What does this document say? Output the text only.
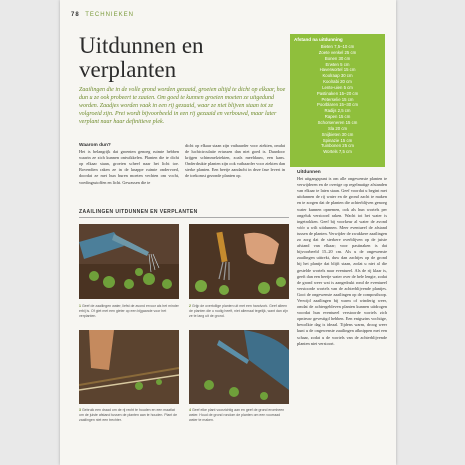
78 TECHNIEKEN
Uitdunnen en verplanten
Zaailingen die in de volle grond worden gezaaid, groeien altijd te dicht op elkaar, hoe dun u ze ook probeert te zaaien. Om goed te kunnen groeien moeten ze uitgedund worden. Zaadjes worden vaak in een rij gezaaid, waar ze niet blijven staan tot ze volgroeid zijn. Prei wordt bijvoorbeeld in een rij gezaaid en verbouwd, maar later verplant naar haar definitieve plek.
Afstand na uitdunning
Bieten 7,5–10 cm
Zoete venkel 25 cm
Bonen 30 cm
Erwten 5 cm
Haverwortel 15 cm
Koolraap 30 cm
Koolrabi 20 cm
Lente-uien 5 cm
Pastinaken 15–20 cm
Peterselie 15 cm
Poorblaren 15–30 cm
Radijs 2,5 cm
Rapen 15 cm
Schorseneren 15 cm
Sla 20 cm
Snijbieten 30 cm
Spinazie 15 cm
Tuinbonen 25 cm
Wortels 7,5 cm
Waarom dun?
Het is belangrijk dat groenten genoeg ruimte hebben waarin ze zich kunnen ontwikkelen. Planten die te dicht op elkaar staan, groeien scheef naar het licht toe. Bovendien raken ze in de knappe ruimte ondervoed, doordat ze met hun buren moeten vechten om vocht, voedingsstoffen en licht. Gewassen die te
dicht op elkaar staan zijn vatbaarder voor ziekten, omdat de luchtcirculatie ertussen dan niet goed is. Daardoor krijgen schimmelziekten, zoals meeldauw, een kans. Onderdrukte planten zijn ook vatbaarder voor ziekten dan sterke planten. Een beetje aandacht in deze fase levert in de toekomst gezonde planten op.
ZAAILINGEN UITDUNNEN EN VERPLANTEN
1 Geef de zaailingen water, liefst de avond ervoor als het minder erbij is. Of giet met een gieter op een bijgaande voor het verplanten.
2 Grijp de overtollige planten uit met een handvork. Geef alleen de planten die u nodig heeft, niet allemaal tegelijk, want dan zijn ze te lang uit de grond.
3 Gebruik een draad om de rij recht te houden en een maatlat om de juiste afstand tussen de planten aan te houden. Plant de zaailingen niet een trechter.
4 Geef elke plant voorzichtig aan en geef de grond eromheen water. Houd de grond rondom de planten om een voorraad water te maken.
Uitdunnen
Het uitgangspunt is om alle ongewenste planten te verwijderen en de overige op regelmatige afstanden van elkaar te laten staan. Geef voordat u begint met uitdunnen de rij water en de grond zacht te maken en te zorgen dat de planten die achterblijven genoeg water kunnen opnemen, ook als hun wortels per ongeluk verstoord raken. Wacht tot het water is ingetrokken. Geef bij voorkeur al water de avond vóór u wilt uitdunnen. Meer eventueel de afstand tussen de planten. Verwijder de zwakkere zaailingen zo zorg dat de sterkere overblijven op de juiste afstand van elkaar; voor pastinaken is dat bijvoorbeeld 15–20 cm. Als u de ongewenste zaailingen uittrekt, duw dan zachtjes op de grond bij het plantje dat blijft staan, zodat u niet al die gestelde wortels naar eventueel. Als de rij klaar is, geeft dan een beetje water over de hele lengte, zodat de grond weer wat is aangedrukt rond de eventueel verstoorde wortels van de achterblijvende plantjes. Gooi de ongewenste zaailingen op de composthoop. Verwijd zaailingen bij warm of winderig weer, omdat de achtergebleven planten kunnen uitdrogen voordat hun eventueel verstoorde wortels zich opnieuw gevestigd hebben. Een enigszins vochtige, bewolkte dag is ideaal. Tijdens warm, droog weer kunt u de ongewenste zaailingen afknippen met een schaar, zodat u de wortels van de achterblijvende planten niet verstoort.
